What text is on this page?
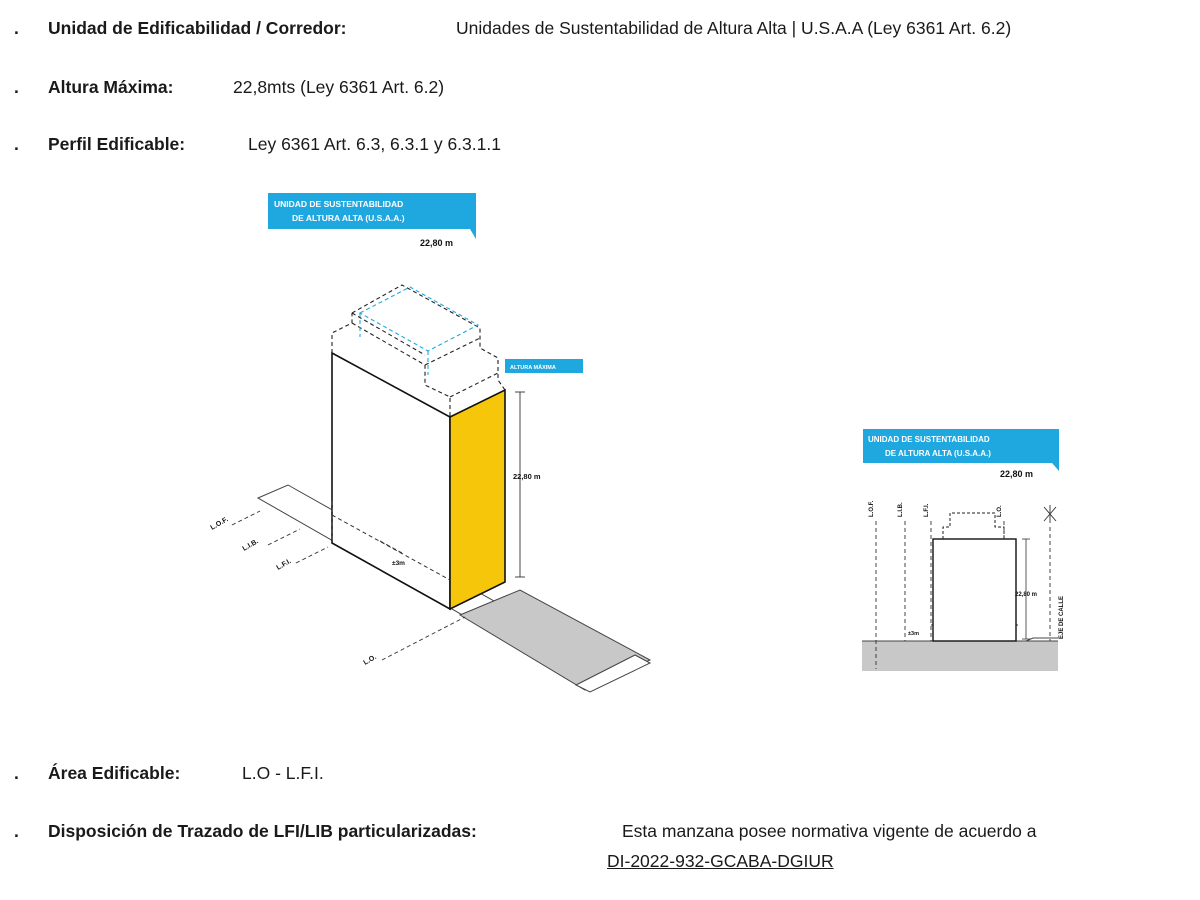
. Unidad de Edificabilidad / Corredor:	Unidades de Sustentabilidad de Altura Alta | U.S.A.A (Ley 6361 Art. 6.2)
. Altura Máxima:	22,8mts (Ley 6361 Art. 6.2)
. Perfil Edificable:	Ley 6361 Art. 6.3, 6.3.1 y 6.3.1.1
. Área Edificable:	L.O - L.F.I.
. Disposición de Trazado de LFI/LIB particularizadas:	Esta manzana posee normativa vigente de acuerdo a
DI-2022-932-GCABA-DGIUR
22,80 m
±3m
L.O.F.
L.I.B.
L.F.I.
L.O.
UNIDAD DE SUSTENTABILIDAD
DE ALTURA ALTA (U.S.A.A.)
22,80 m
ALTURA MÁXIMA
UNIDAD DE SUSTENTABILIDAD
DE ALTURA ALTA (U.S.A.A.)
22,80 m
L.O.F.	L.I.B.	L.F.I.	L.O.
EJE DE CALLE
22,80 m
±3m
